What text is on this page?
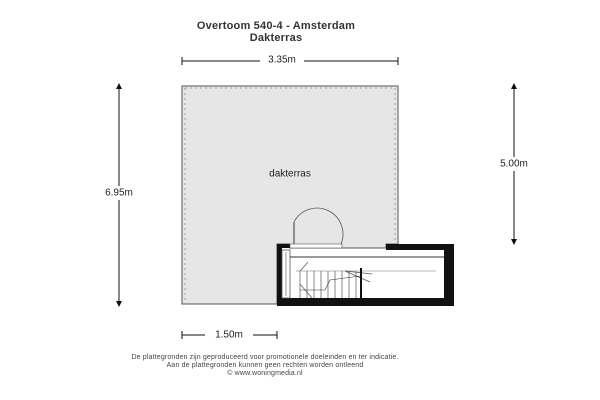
Overtoom 540-4 - Amsterdam
Dakterras
3.35m
6.95m
5.00m
1.50m
dakterras
De plattegronden zijn geproduceerd voor promotionele doeleinden en ter indicatie.
Aan de plattegronden kunnen geen rechten worden ontleend
© www.woningmedia.nl
